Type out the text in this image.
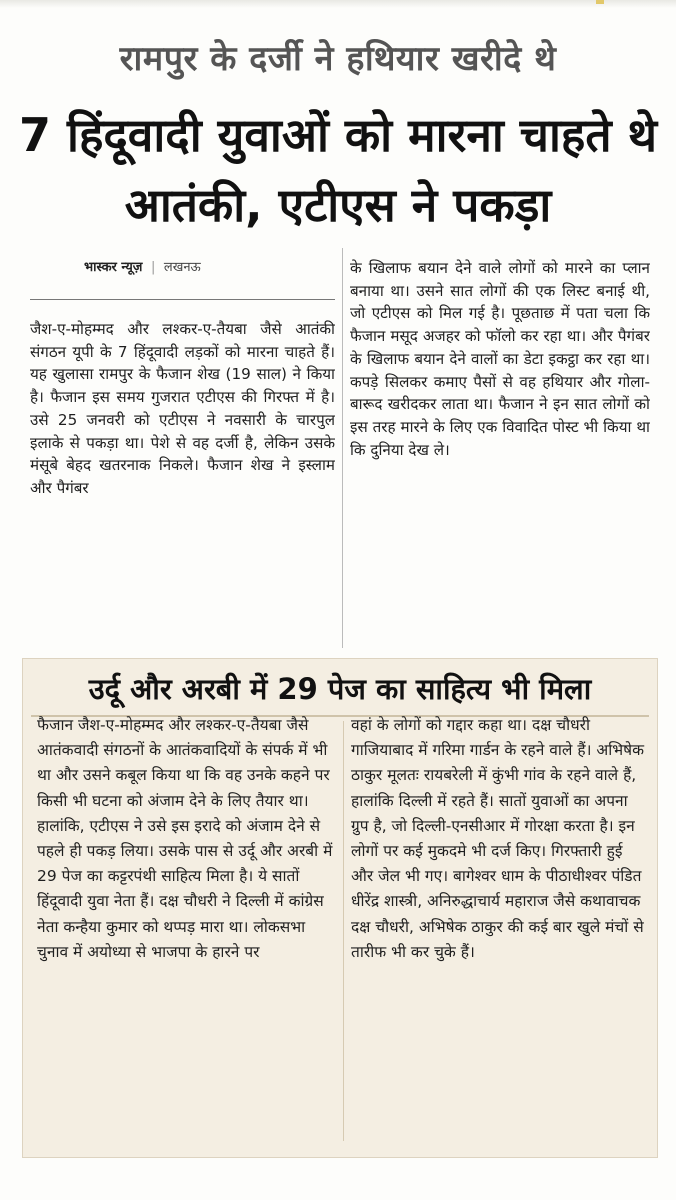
रामपुर के दर्जी ने हथियार खरीदे थे
7 हिंदूवादी युवाओं को मारना चाहते थे आतंकी, एटीएस ने पकड़ा
भास्कर न्यूज़ | लखनऊ
जैश-ए-मोहम्मद और लश्कर-ए-तैयबा जैसे आतंकी संगठन यूपी के 7 हिंदूवादी लड़कों को मारना चाहते हैं। यह खुलासा रामपुर के फैजान शेख (19 साल) ने किया है। फैजान इस समय गुजरात एटीएस की गिरफ्त में है। उसे 25 जनवरी को एटीएस ने नवसारी के चारपुल इलाके से पकड़ा था। पेशे से वह दर्जी है, लेकिन उसके मंसूबे बेहद खतरनाक निकले। फैजान शेख ने इस्लाम और पैगंबर
के खिलाफ बयान देने वाले लोगों को मारने का प्लान बनाया था। उसने सात लोगों की एक लिस्ट बनाई थी, जो एटीएस को मिल गई है। पूछताछ में पता चला कि फैजान मसूद अजहर को फॉलो कर रहा था। और पैगंबर के खिलाफ बयान देने वालों का डेटा इकट्ठा कर रहा था। कपड़े सिलकर कमाए पैसों से वह हथियार और गोला-बारूद खरीदकर लाता था। फैजान ने इन सात लोगों को इस तरह मारने के लिए एक विवादित पोस्ट भी किया था कि दुनिया देख ले।
उर्दू और अरबी में 29 पेज का साहित्य भी मिला
फैजान जैश-ए-मोहम्मद और लश्कर-ए-तैयबा जैसे आतंकवादी संगठनों के आतंकवादियों के संपर्क में भी था और उसने कबूल किया था कि वह उनके कहने पर किसी भी घटना को अंजाम देने के लिए तैयार था। हालांकि, एटीएस ने उसे इस इरादे को अंजाम देने से पहले ही पकड़ लिया। उसके पास से उर्दू और अरबी में 29 पेज का कट्टरपंथी साहित्य मिला है। ये सातों हिंदूवादी युवा नेता हैं। दक्ष चौधरी ने दिल्ली में कांग्रेस नेता कन्हैया कुमार को थप्पड़ मारा था। लोकसभा चुनाव में अयोध्या से भाजपा के हारने पर
वहां के लोगों को गद्दार कहा था। दक्ष चौधरी गाजियाबाद में गरिमा गार्डन के रहने वाले हैं। अभिषेक ठाकुर मूलतः रायबरेली में कुंभी गांव के रहने वाले हैं, हालांकि दिल्ली में रहते हैं। सातों युवाओं का अपना ग्रुप है, जो दिल्ली-एनसीआर में गोरक्षा करता है। इन लोगों पर कई मुकदमे भी दर्ज किए। गिरफ्तारी हुई और जेल भी गए। बागेश्वर धाम के पीठाधीश्वर पंडित धीरेंद्र शास्त्री, अनिरुद्धाचार्य महाराज जैसे कथावाचक दक्ष चौधरी, अभिषेक ठाकुर की कई बार खुले मंचों से तारीफ भी कर चुके हैं।
